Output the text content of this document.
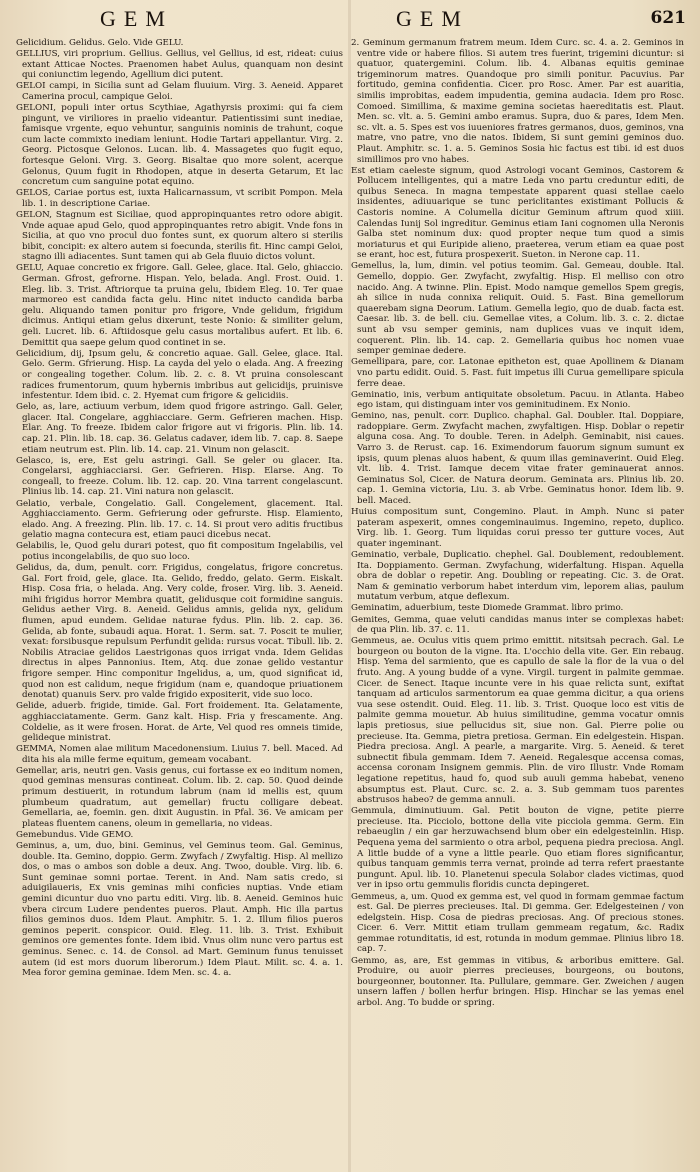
GEM	GEM	621

Gelicidium. Gelidus. Gelo. Vide GELU.

GELLIUS, viri proprium. Gellius. Gellius, vel Gellius, id est, rideat: cuius extant Atticae Noctes. Praenomen habet Aulus, quanquam non desint qui coniunctim legendo, Agellium dici putent.

GELOI campi, in Sicilia sunt ad Gelam fluuium. Virg. 3. Aeneid. Apparet Camerina procul, campique Geloi.

GELONI, populi inter ortus Scythiae, Agathyrsis proximi: qui fa ciem pingunt, ve viriliores in praelio videantur. Patientissimi sunt inediae, famisque vrgente, equo vehuntur, sanguinis nominis de trahunt, coque cum lacte commixto inediam leniunt. Hodie Tartari appellantur. Virg. 2. Georg. Pictosque Gelonos. Lucan. lib. 4. Massagetes quo fugit equo, fortesque Geloni. Virg. 3. Georg. Bisaltae quo more solent, acerque Gelonus, Quum fugit in Rhodopen, atque in deserta Getarum, Et lac concretum cum sanguine potat equino.

GELOS, Cariae portus est, iuxta Halicarnassum, vt scribit Pompon. Mela lib. 1. in descriptione Cariae.

GELON, Stagnum est Siciliae, quod appropinquantes retro odore abigit. Vnde aquae apud Gelo, quod appropinquantes retro abigit. Vnde fons in Sicilia, at quo vno procul duo fontes sunt, ex quorum altero si sterilis bibit, concipit: ex altero autem si foecunda, sterilis fit. Hinc campi Geloi, stagno illi adiacentes. Sunt tamen qui ab Gela fluuio dictos volunt.

GELU, Aquae concretio ex frigore. Gall. Gelee, glace. Ital. Gelo, ghiaccio. German. Gfrost, gefrorne. Hispan. Yelo, belada. Angl. Frost. Ouid. 1. Eleg. lib. 3. Trist. Aftriorque ta pruina gelu, Ibidem Eleg. 10. Ter quae marmoreo est candida facta gelu. Hinc nitet inducto candida barba gelu. Aliquando tamen ponitur pro frigore, Vnde gelidum, frigidum dicimus. Antiqui etiam gelus dixerunt, teste Nonio: & similiter gelum, geli. Lucret. lib. 6. Aftiidosque gelu casus mortalibus aufert. Et lib. 6. Demittit qua saepe gelum quod continet in se.

Gelicidium, dij, Ipsum gelu, & concretio aquae. Gall. Gelee, glace. Ital. Gelo. Germ. Gfrierung. Hisp. La cayda del yelo o elada. Ang. A freezing or congealing together. Colum. lib. 2. c. 8. Vt pruina consolescant radices frumentorum, quum hybernis imbribus aut gelicidijs, pruinisve infestentur. Idem ibid. c. 2. Hyemat cum frigore & gelicidiis.

Gelo, as, lare, actiuum verbum, idem quod frigore astringo. Gall. Geler, glacer. Ital. Congelare, agghiacciare. Germ. Gefrieren machen. Hisp. Elar. Ang. To freeze. Ibidem calor frigore aut vi frigoris. Plin. lib. 14. cap. 21. Plin. lib. 18. cap. 36. Gelatus cadaver, idem lib. 7. cap. 8. Saepe etiam neutrum est. Plin. lib. 14. cap. 21. Vinum non gelascit.

Gelasco, is, ere, Est gelu astringi. Gall. Se geler ou glacer. Ita. Congelarsi, agghiacciarsi. Ger. Gefrieren. Hisp. Elarse. Ang. To congeall, to freeze. Colum. lib. 12. cap. 20. Vina tarrent congelascunt. Plinius lib. 14. cap. 21. Vini natura non gelascit.

Gelatio, verbale, Congelatio. Gall. Congelement, glacement. Ital. Agghiacciamento. Germ. Gefrierung oder gefrurste. Hisp. Elamiento, elado. Ang. A freezing. Plin. lib. 17. c. 14. Si prout vero aditis fructibus gelatio magna contecura est, etiam pauci dicebus necat.

Gelabilis, le, Quod gelu durari potest, quo fit compositum Ingelabilis, vel potius incongelabilis, de quo suo loco.

Gelidus, da, dum, penult. corr. Frigidus, congelatus, frigore concretus. Gal. Fort froid, gele, glace. Ita. Gelido, freddo, gelato. Germ. Eiskalt. Hisp. Cosa fria, o helada. Ang. Very colde, froser. Virg. lib. 3. Aeneid. mihi frigidus horror Membra quatit, gelidusque coit formidine sanguis. Gelidus aether Virg. 8. Aeneid. Gelidus amnis, gelida nyx, gelidum flumen, apud eundem. Gelidae naturae fydus. Plin. lib. 2. cap. 36. Gelida, ab fonte, subaudi aqua. Horat. 1. Serm. sat. 7. Poscit te mulier, vexat: forsibusque repulsum Perfundit gelida: rursus vocat. Tibull. lib. 2. Nobilis Atraciae gelidos Laestrigonas quos irrigat vnda. Idem Gelidas directus in alpes Pannonius. Item, Atq. due zonae gelido vestantur frigore semper. Hinc componitur Ingelidus, a, um, quod significat id, quod non est calidum, neque frigidum (nam e, quandoque priuationem denotat) quanuis Serv. pro valde frigido expositerit, vide suo loco.

Gelide, aduerb. frigide, timide. Gal. Fort froidement. Ita. Gelatamente, agghiacciatamente. Germ. Ganz kalt. Hisp. Fria y frescamente. Ang. Coldelie, as it were frosen. Horat. de Arte, Vel quod res omneis timide, gelideque ministrat.

GEMMA, Nomen alae militum Macedonensium. Liuius 7. bell. Maced. Ad dita his ala mille ferme equitum, gemeam vocabant.

Gemellar, aris, neutri gen. Vasis genus, cui fortasse ex eo inditum nomen, quod geminas mensuras contineat. Colum. lib. 2. cap. 50. Quod deinde primum destiuerit, in rotundum labrum (nam id mellis est, quum plumbeum quadratum, aut gemellar) fructu colligare debeat. Gemellaria, ae, foemin. gen. dixit Augustin. in Pfal. 36. Ve amicam per plateas fluentem canens, oleum in gemellaria, no videas.

Gemebundus. Vide GEMO.

Geminus, a, um, duo, bini. Geminus, vel Geminus teom. Gal. Geminus, double. Ita. Gemino, doppio. Germ. Zwyfach / Zwyfaltig. Hisp. Al mellizo dos, o mas o ambos son doble a deux. Ang. Twoo, double. Virg. lib. 6. Sunt geminae somni portae. Terent. in And. Nam satis credo, si aduigilaueris, Ex vnis geminas mihi conficies nuptias. Vnde etiam gemini dicuntur duo vno partu editi. Virg. lib. 8. Aeneid. Geminos huic vbera circum Ludere pendentes pueros. Plaut. Amph. Hic illa partus filios geminos duos. Idem Plaut. Amphitr. 5. 1. 2. Illum filios pueros geminos peperit. conspicor. Ouid. Eleg. 11. lib. 3. Trist. Exhibuit geminos ore gementes fonte. Idem ibid. Vnus olim nunc vero partus est geminus. Senec. c. 14. de Consol. ad Mart. Geminum funus tenuisset autem (id est mors duorum liberorum.) Idem Plaut. Milit. sc. 4. a. 1. Mea foror gemina geminae. Idem Men. sc. 4. a.

2. Geminum germanum fratrem meum. Idem Curc. sc. 4. a. 2. Geminos in ventre vide or habere filios. Si autem tres fuerint, trigemini dicuntur: si quatuor, quatergemini. Colum. lib. 4. Albanas equitis geminae trigeminorum matres. Quandoque pro simili ponitur. Pacuvius. Par fortitudo, gemina confidentia. Cicer. pro Rosc. Amer. Par est auaritia, similis improbitas, eadem impudentia, gemina audacia. Idem pro Rosc. Comoed. Simillima, & maxime gemina societas haereditatis est. Plaut. Men. sc. vlt. a. 5. Gemini ambo eramus. Supra, duo & pares, Idem Men. sc. vlt. a. 5. Spes est vos iuueniores fratres germanos, duos, geminos, vna matre, vno patre, vno die natos. Ibidem, Si sunt gemini geminos duo. Plaut. Amphitr. sc. 1. a. 5. Geminos Sosia hic factus est tibi. id est duos simillimos pro vno habes.

Est etiam caeleste signum, quod Astrologi vocant Geminos, Castorem & Pollucem intelligentes, qui a matre Leda vno partu creduntur editi, de quibus Seneca. In magna tempestate apparent quasi stellae caelo insidentes, adiuuarique se tunc periclitantes existimant Pollucis & Castoris nomine. A Columella dicitur Geminum aftrum quod xiiii. Calendas Iunij Sol ingreditur. Geminus etiam Iani cognomen ulla Neronis Galba stet nominum dux: quod propter neque tum quod a simis moriaturus et qui Euripide alieno, praeterea, verum etiam ea quae post se erant, hoc est, futura prospexerit. Sueton. in Nerone cap. 11.

Gemellus, la, lum, dimin. vel potius teomim. Gal. Gemeau, double. Ital. Gemello, doppio. Ger. Zwyfacht, zwyfaltig. Hisp. El melliso con otro nacido. Ang. A twinne. Plin. Epist. Modo namque gemellos Spem gregis, ah silice in nuda connixa reliquit. Ouid. 5. Fast. Bina gemellorum quaerebam signa Deorum. Latium. Gemella legio, quo de duab. facta est. Caesar. lib. 3. de bell. ciu. Gemellae vites, a Colum. lib. 3. c. 2. dictae sunt ab vsu semper geminis, nam duplices vuas ve inquit idem, coquerent. Plin. lib. 14. cap. 2. Gemellaria quibus hoc nomen vuae semper geminae dedere.

Gemellipara, pare, cor. Latonae epitheton est, quae Apollinem & Dianam vno partu edidit. Ouid. 5. Fast. fuit impetus illi Curua gemellipare spicula ferre deae.

Geminatio, inis, verbum antiquitate obsoletum. Pacuu. in Atlanta. Habeo ego istam, qui distinguam inter vos geminitudinem. Ex Nonio.

Gemino, nas, penult. corr. Duplico. chaphal. Gal. Doubler. Ital. Doppiare, radoppiare. Germ. Zwyfacht machen, zwyfaltigen. Hisp. Doblar o repetir alguna cosa. Ang. To double. Teren. in Adelph. Geminabit, nisi caues. Varro 3. de Rerust. cap. 16. Eximendorum fauorum signum sumunt ex ipsis, quum plenas aluos habent, & quum illas geminaverint. Ouid Eleg. vlt. lib. 4. Trist. Iamque decem vitae frater geminauerat annos. Geminatus Sol, Cicer. de Natura deorum. Geminata ars. Plinius lib. 20. cap. 1. Gemina victoria, Liu. 3. ab Vrbe. Geminatus honor. Idem lib. 9. bell. Maced.

Huius compositum sunt, Congemino. Plaut. in Amph. Nunc si pater pateram aspexerit, omnes congeminauimus. Ingemino, repeto, duplico. Virg. lib. 1. Georg. Tum liquidas corui presso ter gutture voces, Aut quater ingeminant.

Geminatio, verbale, Duplicatio. chephel. Gal. Doublement, redoublement. Ita. Doppiamento. German. Zwyfachung, widerfaltung. Hispan. Aquella obra de doblar o repetir. Ang. Doubling or repeating. Cic. 3. de Orat. Nam & geminatio verborum habet interdum vim, leporem alias, paulum mutatum verbum, atque deflexum.

Geminatim, aduerbium, teste Diomede Grammat. libro primo.

Gemites, Gemma, quae veluti candidas manus inter se complexas habet: de qua Plin. lib. 37. c. 11.

Gemmeus, ae. Oculus vitis quem primo emittit. nitsitsah pecrach. Gal. Le bourgeon ou bouton de la vigne. Ita. L'occhio della vite. Ger. Ein rebaug. Hisp. Yema del sarmiento, que es capullo de sale la flor de la vua o del fruto. Ang. A young budde of a vyne. Virgil. turgent in palmite gemmae. Cicer. de Senect. Itaque incunte vere in his quae relicta sunt, exiftat tanquam ad articulos sarmentorum ea quae gemma dicitur, a qua oriens vua sese ostendit. Ouid. Eleg. 11. lib. 3. Trist. Quoque loco est vitis de palmite gemma mouetur. Ab huius similitudine, gemma vocatur omnis lapis pretiosus, siue pellucidus sit, siue non. Gal. Pierre polie ou precieuse. Ita. Gemma, pietra pretiosa. German. Ein edelgestein. Hispan. Piedra preciosa. Angl. A pearle, a margarite. Virg. 5. Aeneid. & teret subnectit fibula gemmam. Idem 7. Aeneid. Regalesque accensa comas, accensa coronam Insignem gemmis. Plin. de viro Illustr. Vnde Romam legatione repetitus, haud fo, quod sub auuli gemma habebat, veneno absumptus est. Plaut. Curc. sc. 2. a. 3. Sub gemmam tuos parentes abstrusos habeo? de gemma annuli.

Gemmula, diminutiuum. Gal. Petit bouton de vigne, petite pierre precieuse. Ita. Picciolo, bottone della vite picciola gemma. Germ. Ein rebaeuglin / ein gar herzuwachsend blum ober ein edelgesteinlin. Hisp. Pequena yema del sarmiento o otra arbol, pequena piedra preciosa. Angl. A little budde of a vyne a little pearle. Quo etiam flores significantur, quibus tanquam gemmis terra vernat, proinde ad terra refert praestante pungunt. Apul. lib. 10. Planetenui specula Solabor clades victimas, quod ver in ipso ortu gemmulis floridis cuncta depingeret.

Gemmeus, a, um. Quod ex gemma est, vel quod in formam gemmae factum est. Gal. De pierres precieuses. Ital. Di gemma. Ger. Edelgesteinen / von edelgstein. Hisp. Cosa de piedras preciosas. Ang. Of precious stones. Cicer. 6. Verr. Mittit etiam trullam gemmeam regatum, &c. Radix gemmae rotunditatis, id est, rotunda in modum gemmae. Plinius libro 18. cap. 7.

Gemmo, as, are, Est gemmas in vitibus, & arboribus emittere. Gal. Produire, ou auoir pierres precieuses, bourgeons, ou boutons, bourgeonner, boutonner. Ita. Pullulare, gemmare. Ger. Zweichen / augen unsern laffen / bollen herfur bringen. Hisp. Hinchar se las yemas enel arbol. Ang. To budde or spring.
